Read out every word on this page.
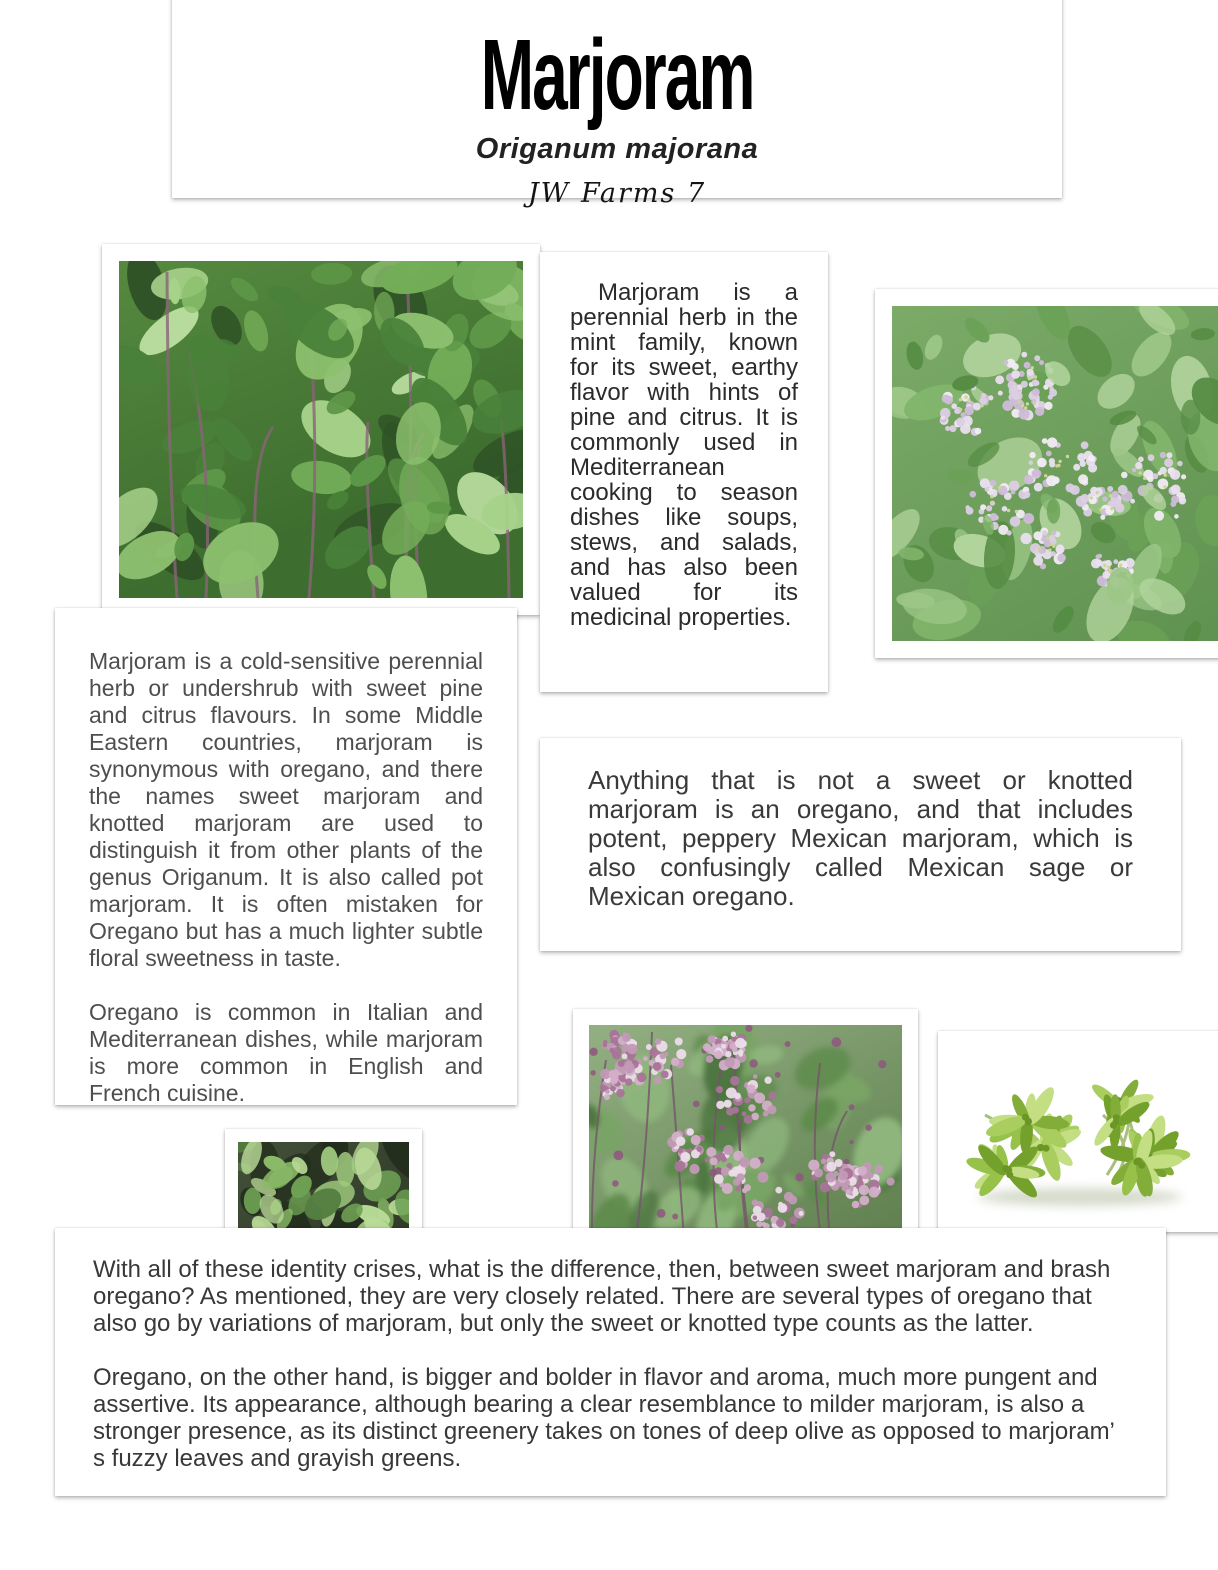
Marjoram
Origanum majorana
JW Farms 7

Marjoram is a perennial herb in the mint family, known for its sweet, earthy flavor with hints of pine and citrus. It is commonly used in Mediterranean cooking to season dishes like soups, stews, and salads, and has also been valued for its medicinal properties.

Marjoram is a cold-sensitive perennial herb or undershrub with sweet pine and citrus flavours. In some Middle Eastern countries, marjoram is synonymous with oregano, and there the names sweet marjoram and knotted marjoram are used to distinguish it from other plants of the genus Origanum. It is also called pot marjoram. It is often mistaken for Oregano but has a much lighter subtle floral sweetness in taste.

Oregano is common in Italian and Mediterranean dishes, while marjoram is more common in English and French cuisine.

Anything that is not a sweet or knotted marjoram is an oregano, and that includes potent, peppery Mexican marjoram, which is also confusingly called Mexican sage or Mexican oregano.

With all of these identity crises, what is the difference, then, between sweet marjoram and brash oregano? As mentioned, they are very closely related. There are several types of oregano that also go by variations of marjoram, but only the sweet or knotted type counts as the latter.

Oregano, on the other hand, is bigger and bolder in flavor and aroma, much more pungent and assertive. Its appearance, although bearing a clear resemblance to milder marjoram, is also a stronger presence, as its distinct greenery takes on tones of deep olive as opposed to marjoram’ s fuzzy leaves and grayish greens.
